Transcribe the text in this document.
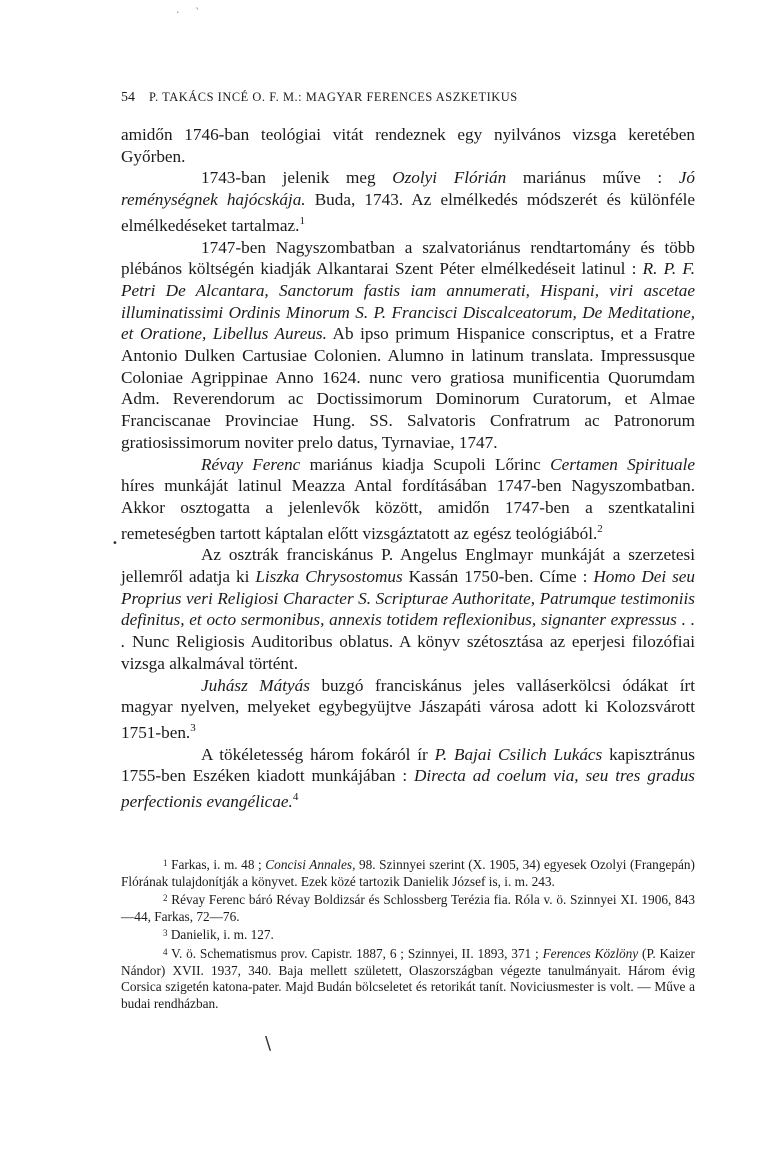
· `
54 P. TAKÁCS INCÉ O. F. M.: MAGYAR FERENCES ASZKETIKUS

amidőn 1746-ban teológiai vitát rendeznek egy nyilvános vizsga keretében Győrben.

1743-ban jelenik meg Ozolyi Flórián mariánus műve : Jó reménységnek hajócskája. Buda, 1743. Az elmélkedés módszerét és különféle elmélkedéseket tartalmaz.$^1$

1747-ben Nagyszombatban a szalvatoriánus rendtartomány és több plébános költségén kiadják Alkantarai Szent Péter elmélkedéseit latinul : R. P. F. Petri De Alcantara, Sanctorum fastis iam annumerati, Hispani, viri ascetae illuminatissimi Ordinis Minorum S. P. Francisci Discalceatorum, De Meditatione, et Oratione, Libellus Aureus. Ab ipso primum Hispanice conscriptus, et a Fratre Antonio Dulken Cartusiae Colonien. Alumno in latinum translata. Impressusque Coloniae Agrippinae Anno 1624. nunc vero gratiosa munificentia Quorumdam Adm. Reverendorum ac Doctissimorum Dominorum Curatorum, et Almae Franciscanae Provinciae Hung. SS. Salvatoris Confratrum ac Patronorum gratiosissimorum noviter prelo datus, Tyrnaviae, 1747.

Révay Ferenc mariánus kiadja Scupoli Lőrinc Certamen Spirituale híres munkáját latinul Meazza Antal fordításában 1747-ben Nagyszombatban. Akkor osztogatta a jelenlevők között, amidőn 1747-ben a szentkatalini remeteségben tartott káptalan előtt vizsgáztatott az egész teológiából.$^2$

Az osztrák franciskánus P. Angelus Englmayr munkáját a szerzetesi jellemről adatja ki Liszka Chrysostomus Kassán 1750-ben. Címe : Homo Dei seu Proprius veri Religiosi Character S. Scripturae Authoritate, Patrumque testimoniis definitus, et octo sermonibus, annexis totidem reflexionibus, signanter expressus . . . Nunc Religiosis Auditoribus oblatus. A könyv szétosztása az eperjesi filozófiai vizsga alkalmával történt.

Juhász Mátyás buzgó franciskánus jeles valláserkölcsi ódákat írt magyar nyelven, melyeket egybegyüjtve Jászapáti városa adott ki Kolozsvárott 1751-ben.$^3$

A tökéletesség három fokáról ír P. Bajai Csilich Lukács kapisztránus 1755-ben Eszéken kiadott munkájában : Directa ad coelum via, seu tres gradus perfectionis evangélicae.$^4$

$^1$ Farkas, i. m. 48 ; Concisi Annales, 98. Szinnyei szerint (X. 1905, 34) egyesek Ozolyi (Frangepán) Flórának tulajdonítják a könyvet. Ezek közé tartozik Danielik József is, i. m. 243.

$^2$ Révay Ferenc báró Révay Boldizsár és Schlossberg Terézia fia. Róla v. ö. Szinnyei XI. 1906, 843—44, Farkas, 72—76.

$^3$ Danielik, i. m. 127.

$^4$ V. ö. Schematismus prov. Capistr. 1887, 6 ; Szinnyei, II. 1893, 371 ; Ferences Közlöny (P. Kaizer Nándor) XVII. 1937, 340. Baja mellett született, Olaszországban végezte tanulmányait. Három évig Corsica szigetén katona-pater. Majd Budán bölcseletet és retorikát tanít. Noviciusmester is volt. — Műve a budai rendházban.

•
\
